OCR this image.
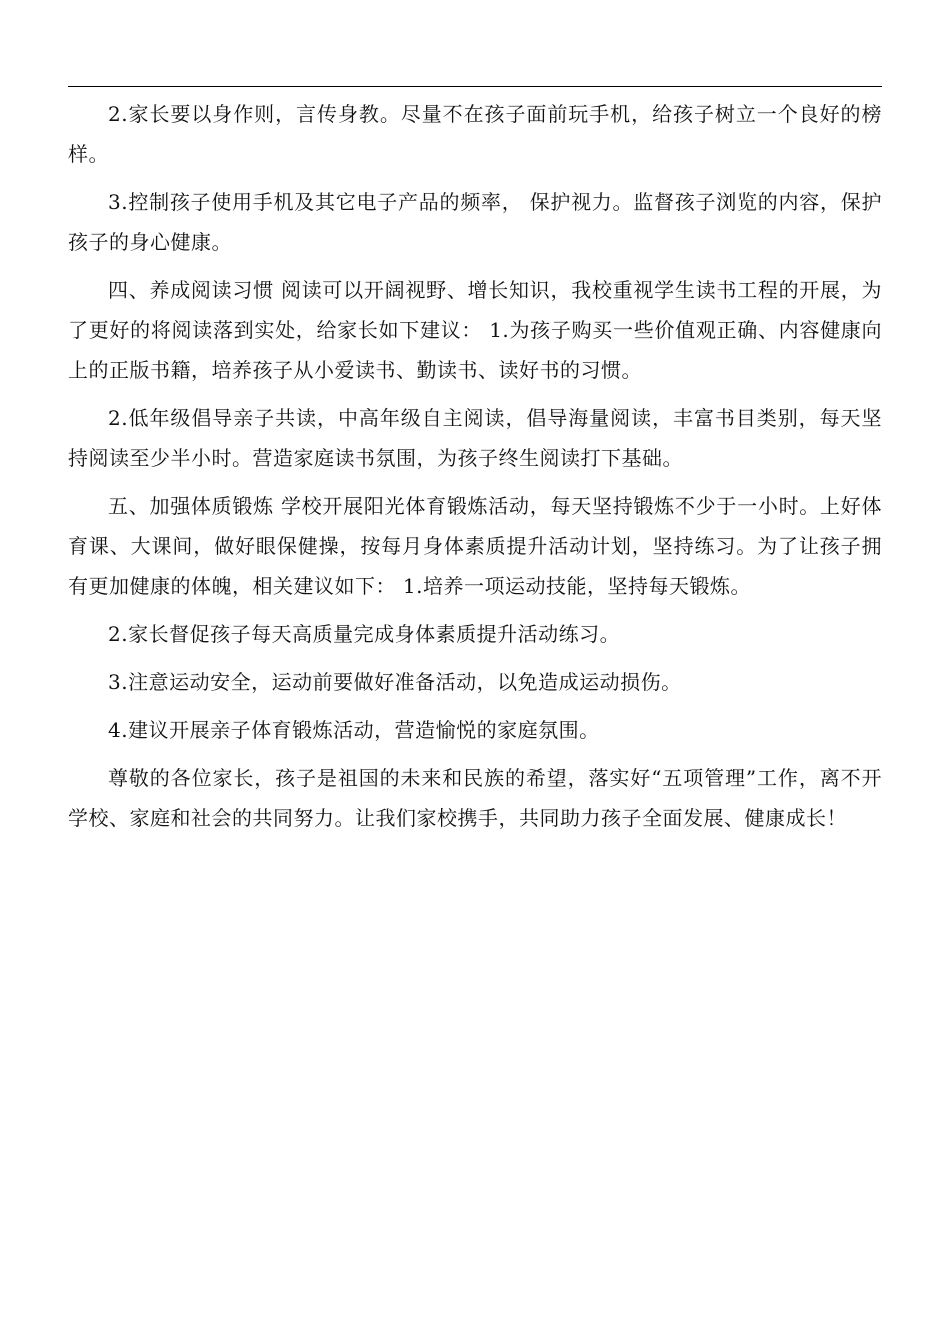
2.家长要以身作则，言传身教。尽量不在孩子面前玩手机，给孩子树立一个良好的榜样。

3.控制孩子使用手机及其它电子产品的频率， 保护视力。监督孩子浏览的内容，保护孩子的身心健康。

四、养成阅读习惯 阅读可以开阔视野、增长知识，我校重视学生读书工程的开展，为了更好的将阅读落到实处，给家长如下建议： 1.为孩子购买一些价值观正确、内容健康向上的正版书籍，培养孩子从小爱读书、勤读书、读好书的习惯。

2.低年级倡导亲子共读，中高年级自主阅读，倡导海量阅读，丰富书目类别，每天坚持阅读至少半小时。营造家庭读书氛围，为孩子终生阅读打下基础。

五、加强体质锻炼 学校开展阳光体育锻炼活动，每天坚持锻炼不少于一小时。上好体育课、大课间，做好眼保健操，按每月身体素质提升活动计划，坚持练习。为了让孩子拥有更加健康的体魄，相关建议如下： 1.培养一项运动技能，坚持每天锻炼。

2.家长督促孩子每天高质量完成身体素质提升活动练习。

3.注意运动安全，运动前要做好准备活动，以免造成运动损伤。

4.建议开展亲子体育锻炼活动，营造愉悦的家庭氛围。

尊敬的各位家长，孩子是祖国的未来和民族的希望，落实好“五项管理”工作，离不开学校、家庭和社会的共同努力。让我们家校携手，共同助力孩子全面发展、健康成长！
